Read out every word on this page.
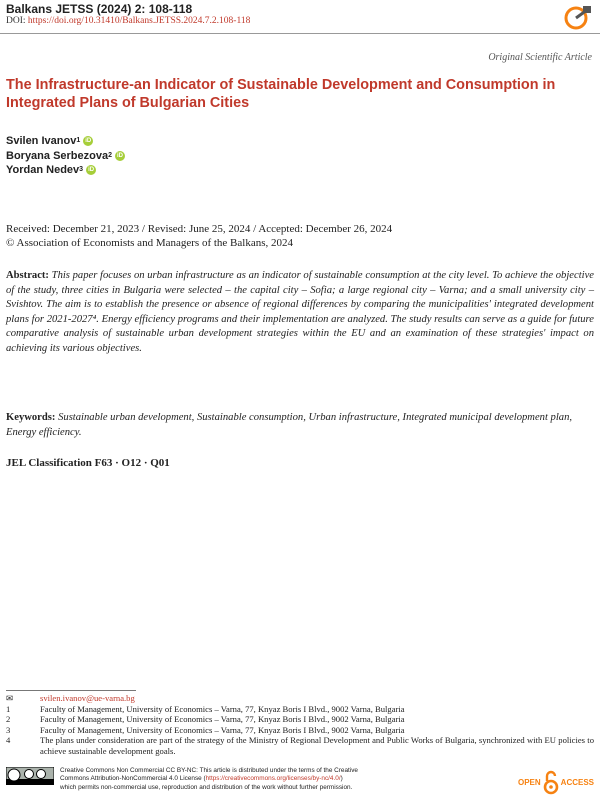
Balkans JETSS (2024) 2: 108-118
DOI: https://doi.org/10.31410/Balkans.JETSS.2024.7.2.108-118
Original Scientific Article
The Infrastructure-an Indicator of Sustainable Development and Consumption in Integrated Plans of Bulgarian Cities
Svilen Ivanov 1 iD
Boryana Serbezova 2 iD
Yordan Nedev 3 iD
Received: December 21, 2023 / Revised: June 25, 2024 / Accepted: December 26, 2024
© Association of Economists and Managers of the Balkans, 2024
Abstract: This paper focuses on urban infrastructure as an indicator of sustainable consumption at the city level. To achieve the objective of the study, three cities in Bulgaria were selected – the capital city – Sofia; a large regional city – Varna; and a small university city – Svishtov. The aim is to establish the presence or absence of regional differences by comparing the municipalities' integrated development plans for 2021-2027⁴. Energy efficiency programs and their implementation are analyzed. The study results can serve as a guide for future comparative analysis of sustainable urban development strategies within the EU and an examination of these strategies' impact on achieving its various objectives.
Keywords: Sustainable urban development, Sustainable consumption, Urban infrastructure, Integrated municipal development plan, Energy efficiency.
JEL Classification F63 · O12 · Q01
✉	svilen.ivanov@ue-varna.bg
1	Faculty of Management, University of Economics – Varna, 77, Knyaz Boris I Blvd., 9002 Varna, Bulgaria
2	Faculty of Management, University of Economics – Varna, 77, Knyaz Boris I Blvd., 9002 Varna, Bulgaria
3	Faculty of Management, University of Economics – Varna, 77, Knyaz Boris I Blvd., 9002 Varna, Bulgaria
4	The plans under consideration are part of the strategy of the Ministry of Regional Development and Public Works of Bulgaria, synchronized with EU policies to achieve sustainable development goals.
Creative Commons Non Commercial CC BY-NC: This article is distributed under the terms of the Creative
Commons Attribution-NonCommercial 4.0 License (https://creativecommons.org/licenses/by-nc/4.0/)
which permits non-commercial use, reproduction and distribution of the work without further permission.
OPEN	ACCESS
